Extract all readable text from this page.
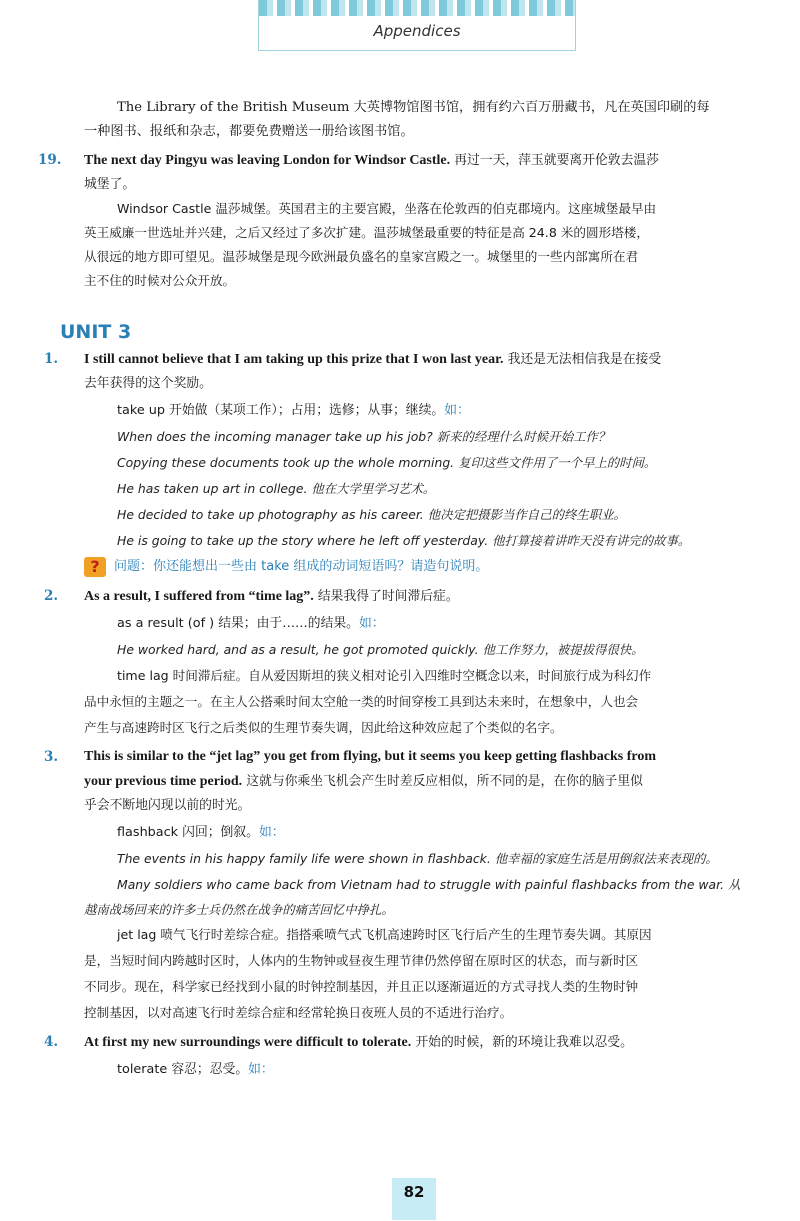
Appendices

The Library of the British Museum 大英博物馆图书馆，拥有约六百万册藏书，凡在英国印刷的每

一种图书、报纸和杂志，都要免费赠送一册给该图书馆。

19. The next day Pingyu was leaving London for Windsor Castle. 再过一天，萍玉就要离开伦敦去温莎
城堡了。

Windsor Castle 温莎城堡。英国君主的主要宫殿，坐落在伦敦西的伯克郡境内。这座城堡最早由

英王威廉一世选址并兴建，之后又经过了多次扩建。温莎城堡最重要的特征是高 24.8 米的圆形塔楼，

从很远的地方即可望见。温莎城堡是现今欧洲最负盛名的皇家宫殿之一。城堡里的一些内部寓所在君

主不住的时候对公众开放。

UNIT 3
1. I still cannot believe that I am taking up this prize that I won last year. 我还是无法相信我是在接受
去年获得的这个奖励。

take up 开始做（某项工作）；占用；选修；从事；继续。如：

When does the incoming manager take up his job? 新来的经理什么时候开始工作？

Copying these documents took up the whole morning. 复印这些文件用了一个早上的时间。

He has taken up art in college. 他在大学里学习艺术。

He decided to take up photography as his career. 他决定把摄影当作自己的终生职业。

He is going to take up the story where he left off yesterday. 他打算接着讲昨天没有讲完的故事。

? 问题：你还能想出一些由 take 组成的动词短语吗？请造句说明。

2. As a result, I suffered from “time lag”. 结果我得了时间滞后症。

as a result (of ) 结果；由于……的结果。如：

He worked hard, and as a result, he got promoted quickly. 他工作努力，被提拔得很快。

time lag 时间滞后症。自从爱因斯坦的狭义相对论引入四维时空概念以来，时间旅行成为科幻作

品中永恒的主题之一。在主人公搭乘时间太空舱一类的时间穿梭工具到达未来时，在想象中，人也会

产生与高速跨时区飞行之后类似的生理节奏失调，因此给这种效应起了个类似的名字。

3. This is similar to the “jet lag” you get from flying, but it seems you keep getting flashbacks from
your previous time period. 这就与你乘坐飞机会产生时差反应相似，所不同的是，在你的脑子里似
乎会不断地闪现以前的时光。

flashback 闪回；倒叙。如：

The events in his happy family life were shown in flashback. 他幸福的家庭生活是用倒叙法来表现的。

Many soldiers who came back from Vietnam had to struggle with painful flashbacks from the war. 从

越南战场回来的许多士兵仍然在战争的痛苦回忆中挣扎。

jet lag 喷气飞行时差综合症。指搭乘喷气式飞机高速跨时区飞行后产生的生理节奏失调。其原因

是，当短时间内跨越时区时，人体内的生物钟或昼夜生理节律仍然停留在原时区的状态，而与新时区

不同步。现在，科学家已经找到小鼠的时钟控制基因，并且正以逐渐逼近的方式寻找人类的生物时钟

控制基因，以对高速飞行时差综合症和经常轮换日夜班人员的不适进行治疗。

4. At first my new surroundings were difficult to tolerate. 开始的时候，新的环境让我难以忍受。

tolerate 容忍；忍受。如：

82
